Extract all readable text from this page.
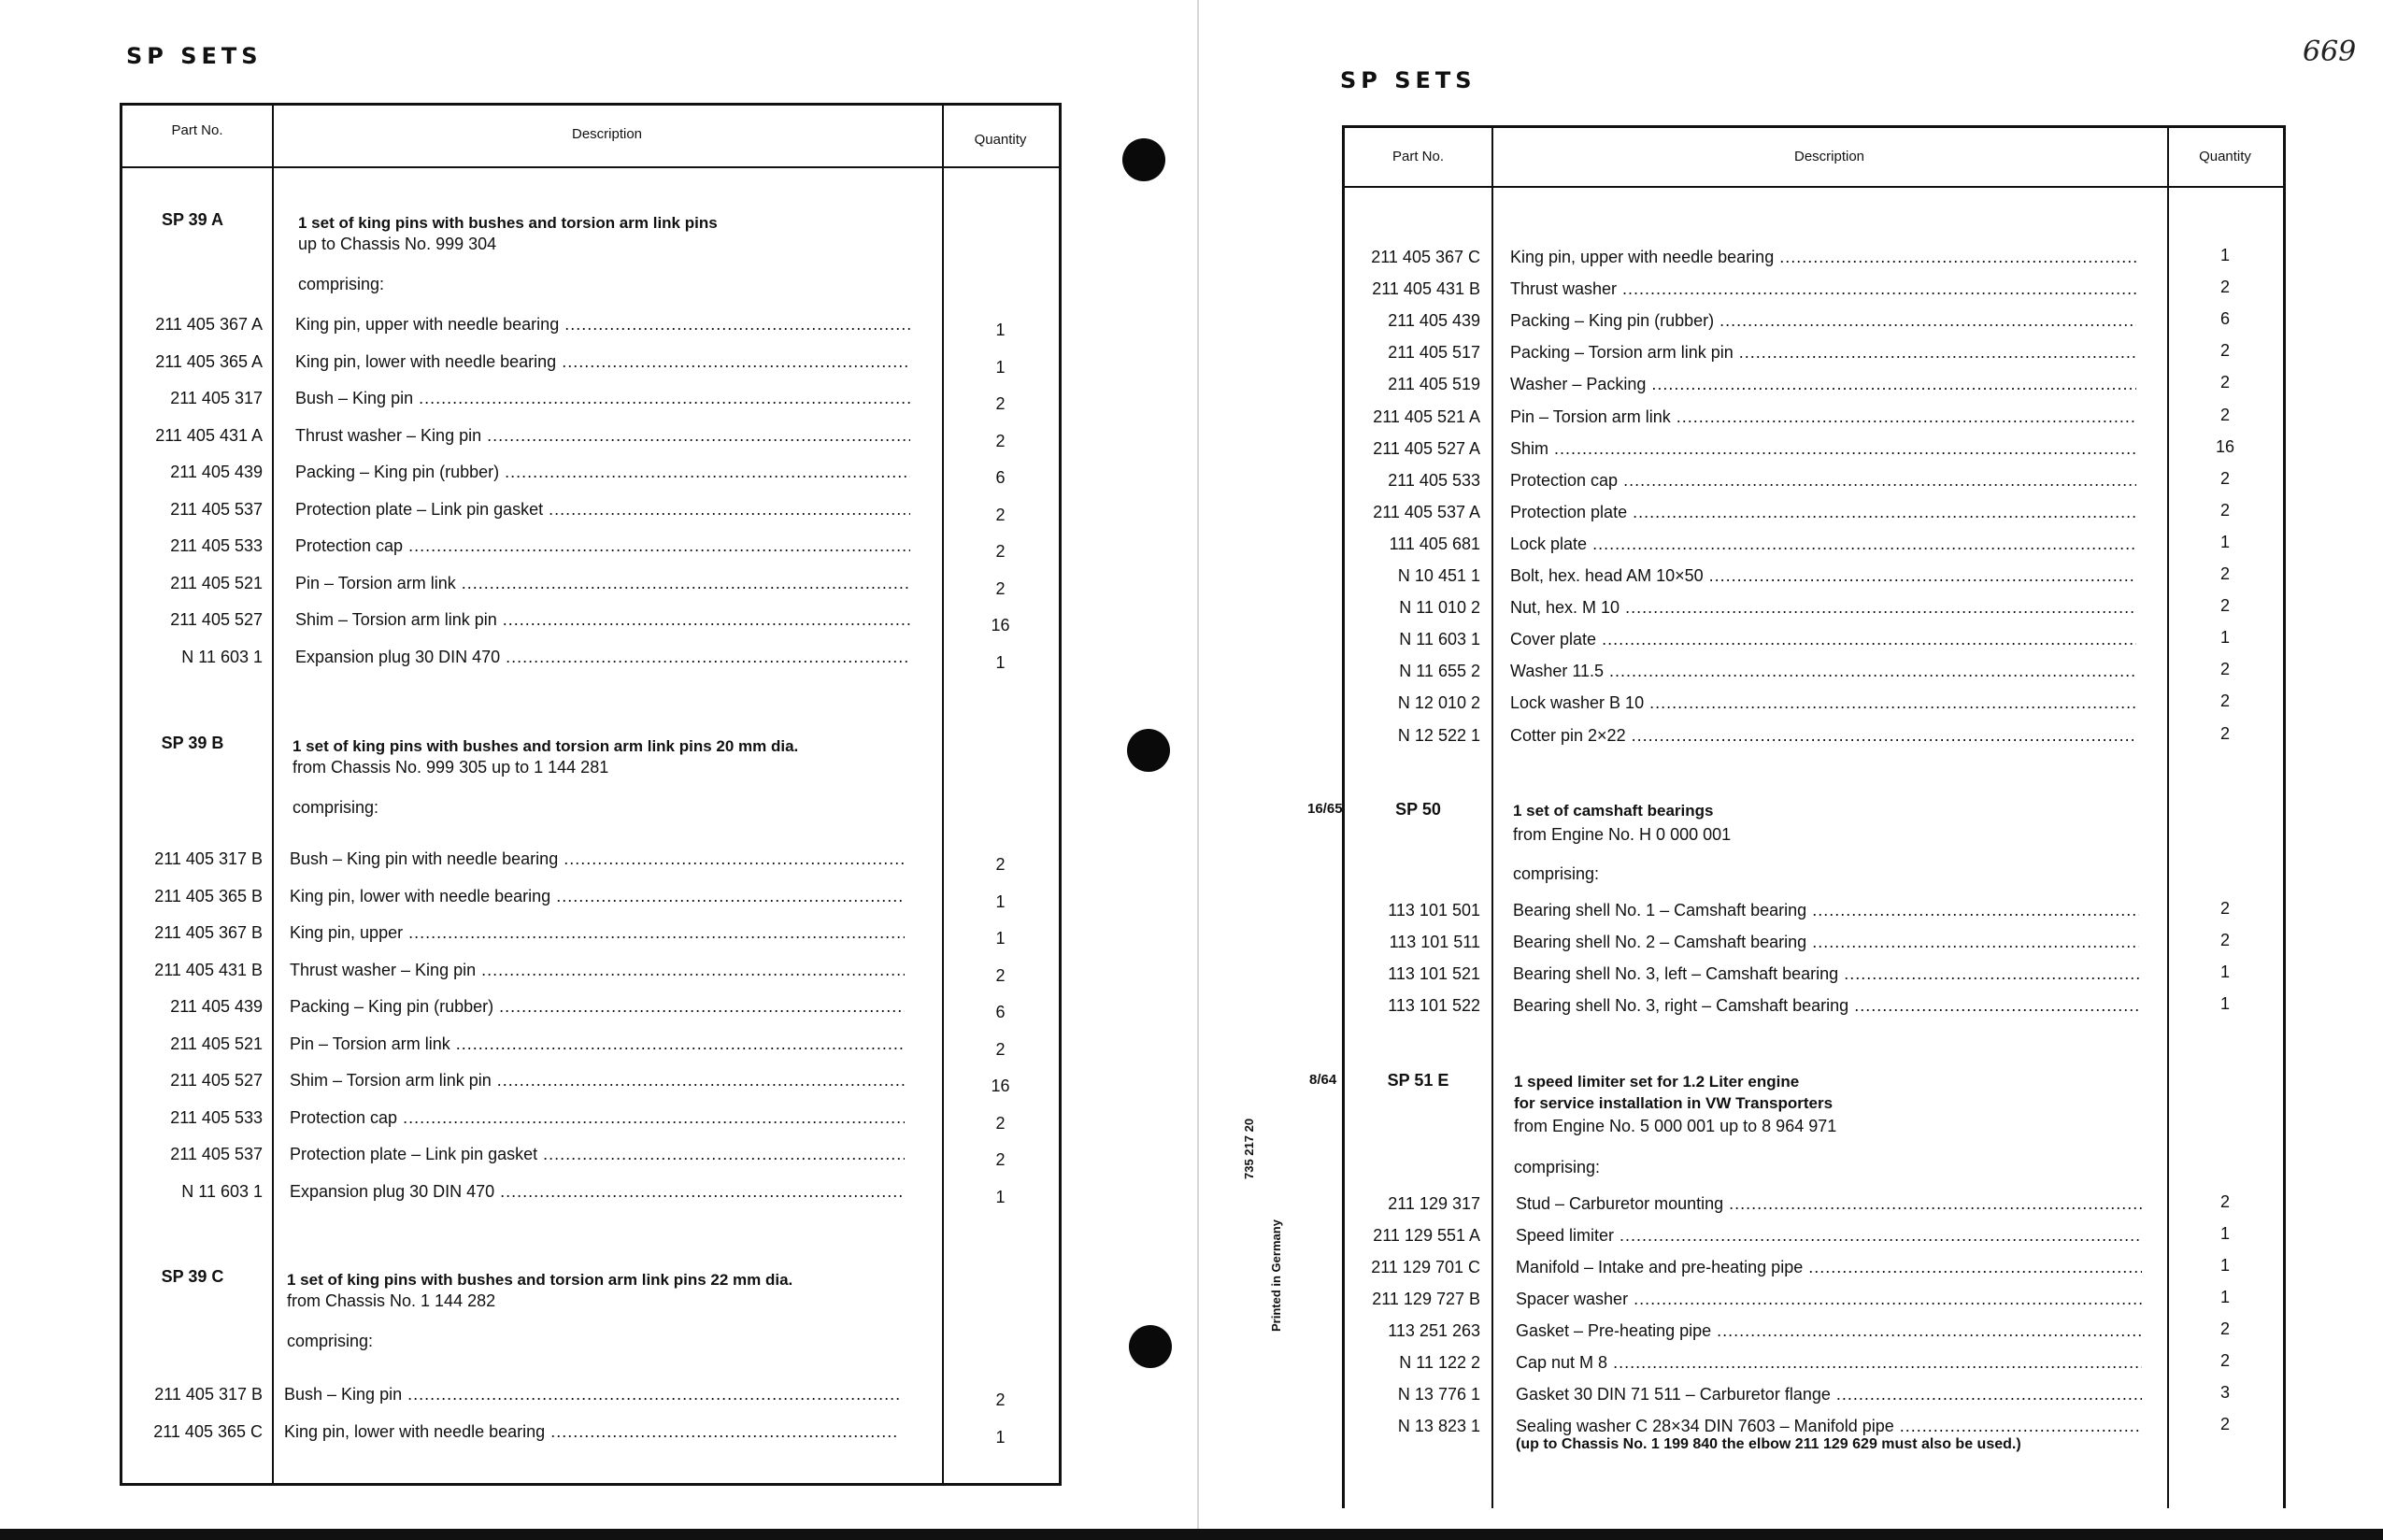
SP SETS
Part No.	Description	Quantity
SP 39 A	1 set of king pins with bushes and torsion arm link pins
up to Chassis No. 999 304
comprising:
211 405 367 A King pin, upper with needle bearing .....	1
211 405 365 A King pin, lower with needle bearing .....	1
211 405 317 Bush – King pin .....	2
211 405 431 A Thrust washer – King pin .....	2
211 405 439 Packing – King pin (rubber) .....	6
211 405 537 Protection plate – Link pin gasket .....	2
211 405 533 Protection cap .....	2
211 405 521 Pin – Torsion arm link .....	2
211 405 527 Shim – Torsion arm link pin .....	16
N 11 603 1 Expansion plug 30 DIN 470 .....	1
SP 39 B	1 set of king pins with bushes and torsion arm link pins 20 mm dia.
from Chassis No. 999 305 up to 1 144 281
comprising:
211 405 317 B Bush – King pin with needle bearing .....	2
211 405 365 B King pin, lower with needle bearing .....	1
211 405 367 B King pin, upper .....	1
211 405 431 B Thrust washer – King pin .....	2
211 405 439 Packing – King pin (rubber) .....	6
211 405 521 Pin – Torsion arm link .....	2
211 405 527 Shim – Torsion arm link pin .....	16
211 405 533 Protection cap .....	2
211 405 537 Protection plate – Link pin gasket .....	2
N 11 603 1 Expansion plug 30 DIN 470 .....	1
SP 39 C	1 set of king pins with bushes and torsion arm link pins 22 mm dia.
from Chassis No. 1 144 282
comprising:
211 405 317 B Bush – King pin .....	2
211 405 365 C King pin, lower with needle bearing .....	1
SP SETS
669
Printed in Germany
735 217 20
Part No.	Description	Quantity
211 405 367 C King pin, upper with needle bearing .....	1
211 405 431 B Thrust washer .....	2
211 405 439 Packing – King pin (rubber) .....	6
211 405 517 Packing – Torsion arm link pin .....	2
211 405 519 Washer – Packing .....	2
211 405 521 A Pin – Torsion arm link .....	2
211 405 527 A Shim .....	16
211 405 533 Protection cap .....	2
211 405 537 A Protection plate .....	2
111 405 681 Lock plate .....	1
N 10 451 1 Bolt, hex. head AM 10×50 .....	2
N 11 010 2 Nut, hex. M 10 .....	2
N 11 603 1 Cover plate .....	1
N 11 655 2 Washer 11.5 .....	2
N 12 010 2 Lock washer B 10 .....	2
N 12 522 1 Cotter pin 2×22 .....	2
16/65	SP 50	1 set of camshaft bearings
from Engine No. H 0 000 001
comprising:
113 101 501 Bearing shell No. 1 – Camshaft bearing .....	2
113 101 511 Bearing shell No. 2 – Camshaft bearing .....	2
113 101 521 Bearing shell No. 3, left – Camshaft bearing .....	1
113 101 522 Bearing shell No. 3, right – Camshaft bearing .....	1
8/64	SP 51 E	1 speed limiter set for 1.2 Liter engine
for service installation in VW Transporters
from Engine No. 5 000 001 up to 8 964 971
comprising:
211 129 317 Stud – Carburetor mounting .....	2
211 129 551 A Speed limiter .....	1
211 129 701 C Manifold – Intake and pre-heating pipe .....	1
211 129 727 B Spacer washer .....	1
113 251 263 Gasket – Pre-heating pipe .....	2
N 11 122 2 Cap nut M 8 .....	2
N 13 776 1 Gasket 30 DIN 71 511 – Carburetor flange .....	3
N 13 823 1 Sealing washer C 28×34 DIN 7603 – Manifold pipe .....	2
(up to Chassis No. 1 199 840 the elbow 211 129 629 must also be used.)
